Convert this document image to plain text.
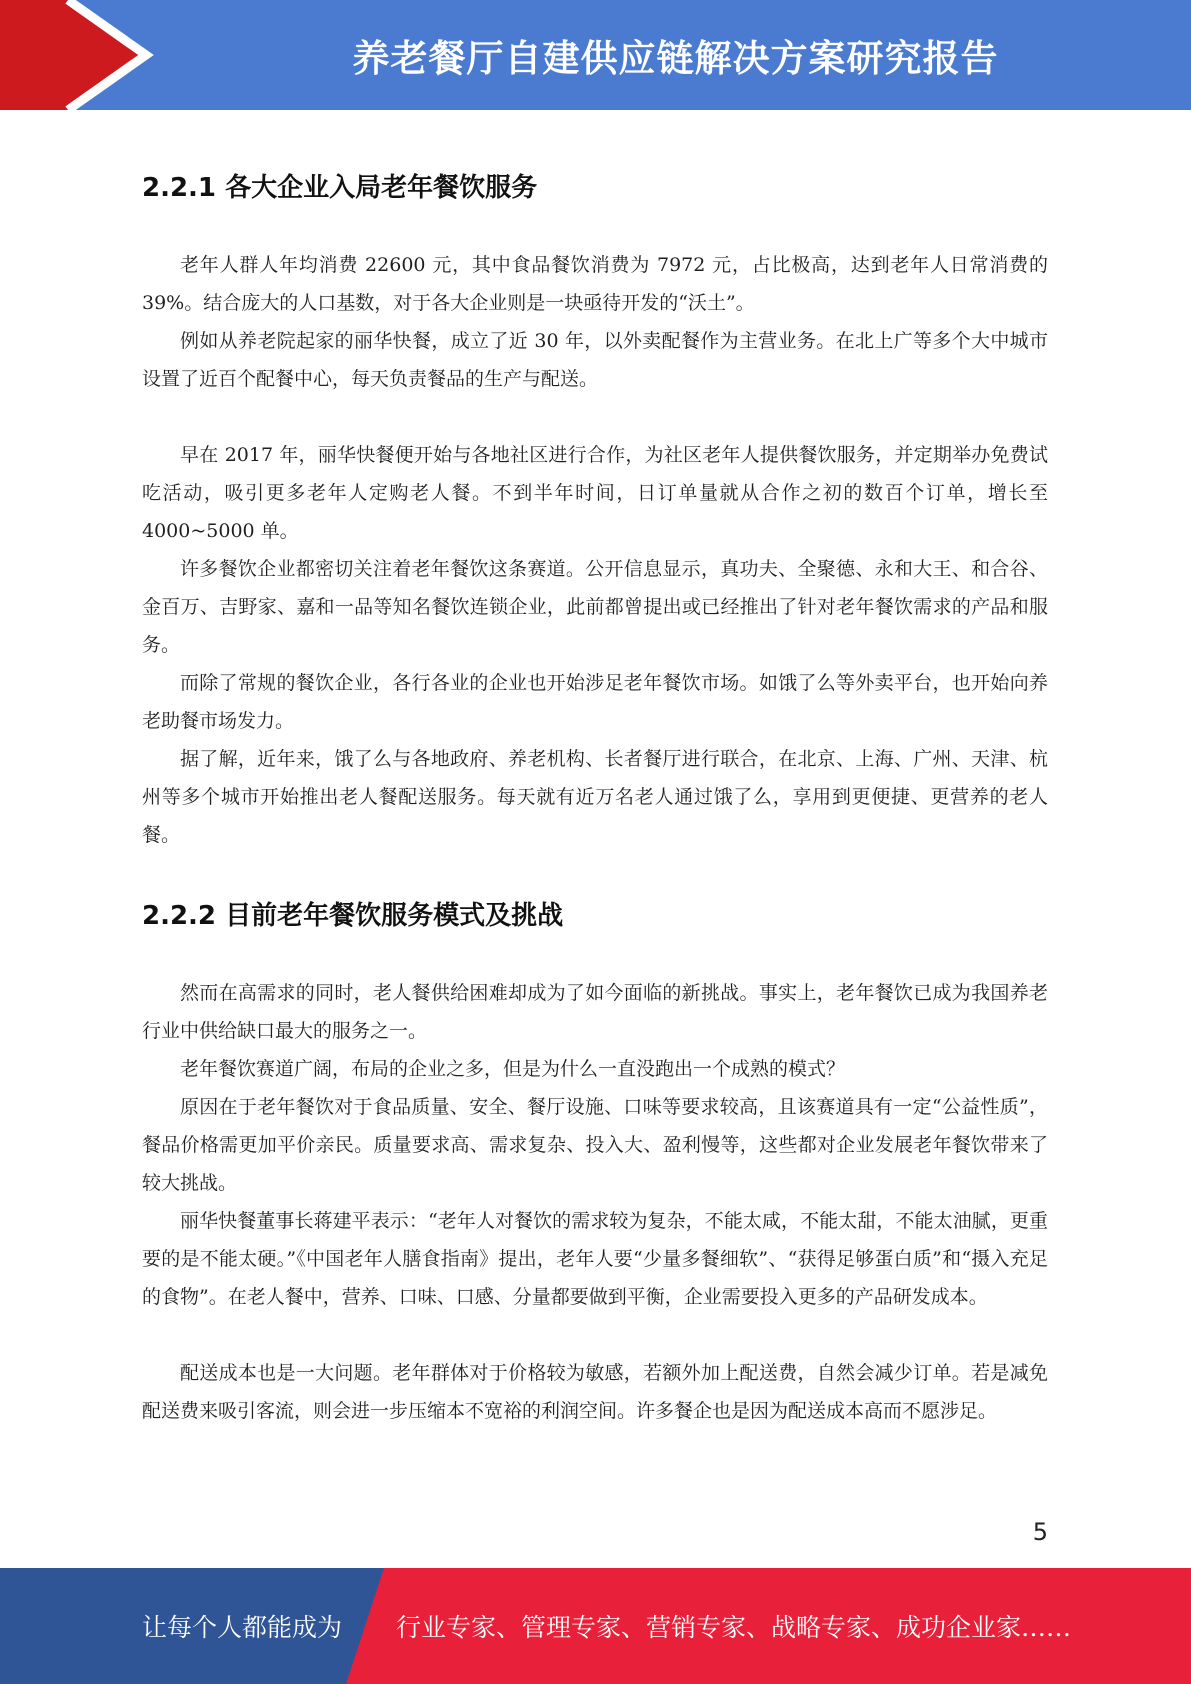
养老餐厅自建供应链解决方案研究报告
2.2.1 各大企业入局老年餐饮服务

老年人群人年均消费 22600 元，其中食品餐饮消费为 7972 元，占比极高，达到老年人日常消费的 39%。结合庞大的人口基数，对于各大企业则是一块亟待开发的“沃土”。

例如从养老院起家的丽华快餐，成立了近 30 年，以外卖配餐作为主营业务。在北上广等多个大中城市设置了近百个配餐中心，每天负责餐品的生产与配送。

早在 2017 年，丽华快餐便开始与各地社区进行合作，为社区老年人提供餐饮服务，并定期举办免费试吃活动，吸引更多老年人定购老人餐。不到半年时间，日订单量就从合作之初的数百个订单，增长至 4000~5000 单。

许多餐饮企业都密切关注着老年餐饮这条赛道。公开信息显示，真功夫、全聚德、永和大王、和合谷、金百万、吉野家、嘉和一品等知名餐饮连锁企业，此前都曾提出或已经推出了针对老年餐饮需求的产品和服务。

而除了常规的餐饮企业，各行各业的企业也开始涉足老年餐饮市场。如饿了么等外卖平台，也开始向养老助餐市场发力。

据了解，近年来，饿了么与各地政府、养老机构、长者餐厅进行联合，在北京、上海、广州、天津、杭州等多个城市开始推出老人餐配送服务。每天就有近万名老人通过饿了么，享用到更便捷、更营养的老人餐。

2.2.2 目前老年餐饮服务模式及挑战

然而在高需求的同时，老人餐供给困难却成为了如今面临的新挑战。事实上，老年餐饮已成为我国养老行业中供给缺口最大的服务之一。

老年餐饮赛道广阔，布局的企业之多，但是为什么一直没跑出一个成熟的模式？

原因在于老年餐饮对于食品质量、安全、餐厅设施、口味等要求较高，且该赛道具有一定“公益性质”，餐品价格需更加平价亲民。质量要求高、需求复杂、投入大、盈利慢等，这些都对企业发展老年餐饮带来了较大挑战。

丽华快餐董事长蒋建平表示：“老年人对餐饮的需求较为复杂，不能太咸，不能太甜，不能太油腻，更重要的是不能太硬。”《中国老年人膳食指南》提出，老年人要“少量多餐细软”、“获得足够蛋白质”和“摄入充足的食物”。在老人餐中，营养、口味、口感、分量都要做到平衡，企业需要投入更多的产品研发成本。

配送成本也是一大问题。老年群体对于价格较为敏感，若额外加上配送费，自然会减少订单。若是减免配送费来吸引客流，则会进一步压缩本不宽裕的利润空间。许多餐企也是因为配送成本高而不愿涉足。

5
让每个人都能成为 行业专家、管理专家、营销专家、战略专家、成功企业家……
